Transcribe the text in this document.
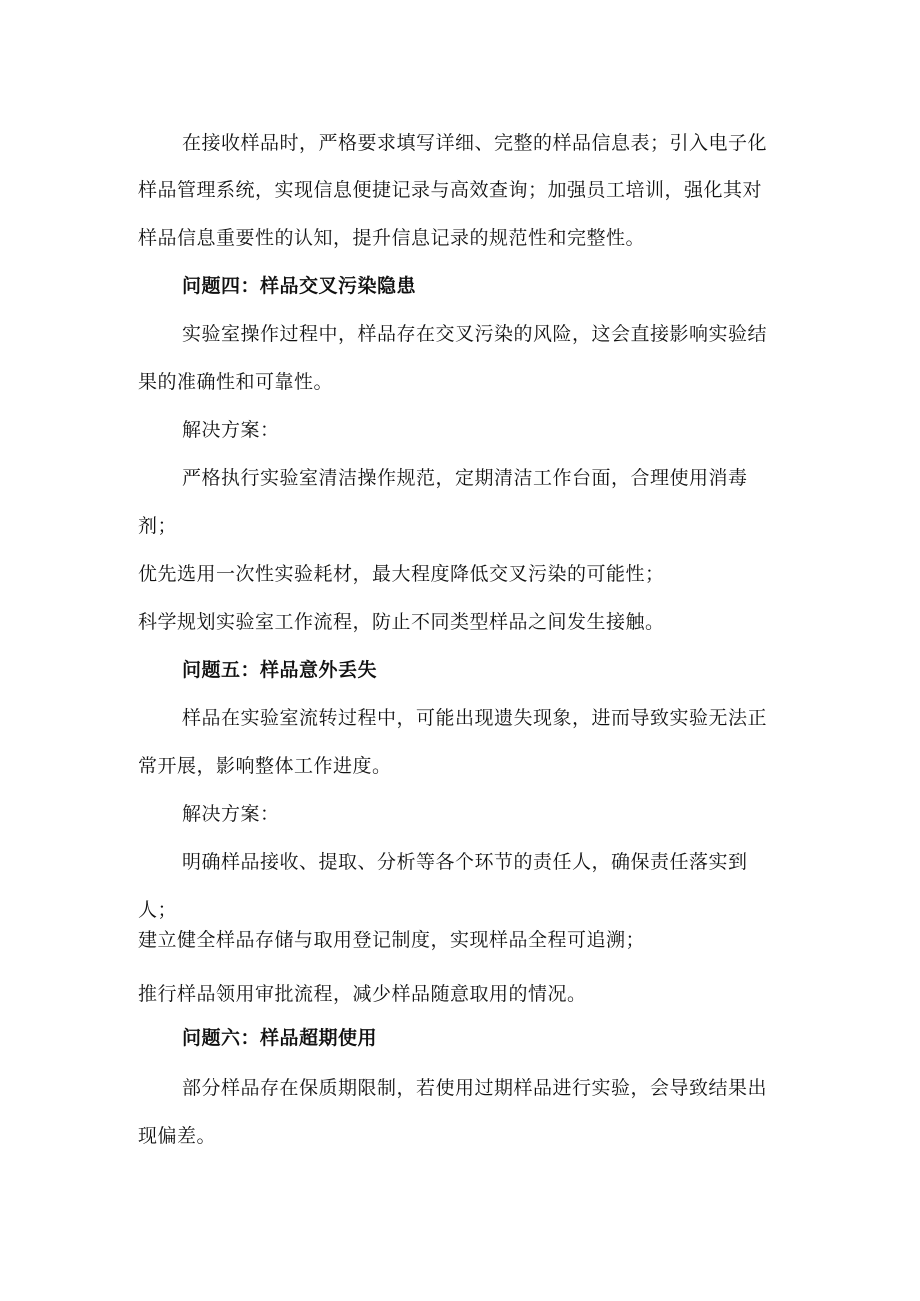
在接收样品时，严格要求填写详细、完整的样品信息表；引入电子化
样品管理系统，实现信息便捷记录与高效查询；加强员工培训，强化其对
样品信息重要性的认知，提升信息记录的规范性和完整性。
问题四：样品交叉污染隐患
实验室操作过程中，样品存在交叉污染的风险，这会直接影响实验结
果的准确性和可靠性。
解决方案：
严格执行实验室清洁操作规范，定期清洁工作台面，合理使用消毒
剂；
优先选用一次性实验耗材，最大程度降低交叉污染的可能性；
科学规划实验室工作流程，防止不同类型样品之间发生接触。
问题五：样品意外丢失
样品在实验室流转过程中，可能出现遗失现象，进而导致实验无法正
常开展，影响整体工作进度。
解决方案：
明确样品接收、提取、分析等各个环节的责任人，确保责任落实到
人；
建立健全样品存储与取用登记制度，实现样品全程可追溯；
推行样品领用审批流程，减少样品随意取用的情况。
问题六：样品超期使用
部分样品存在保质期限制，若使用过期样品进行实验，会导致结果出
现偏差。
